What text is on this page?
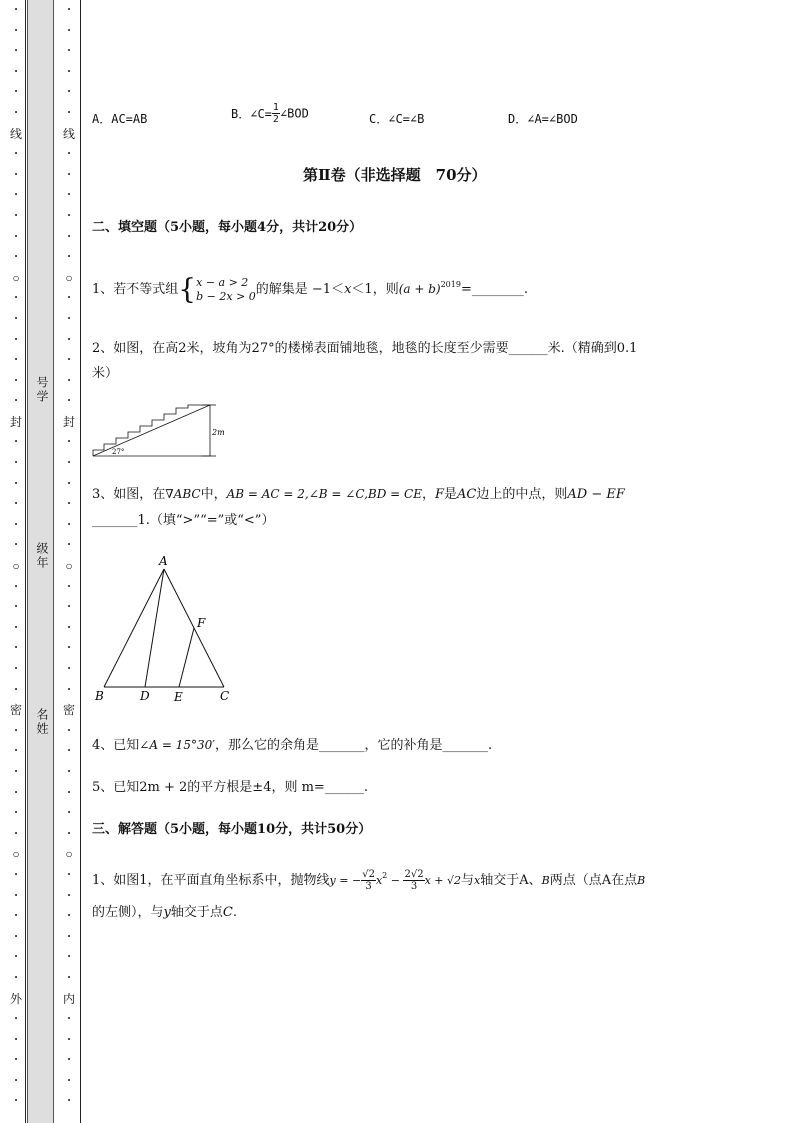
•
•
•
•
•
•
线
•
•
•
•
•
•
○
•
•
•
•
•
•
封
•
•
•
•
•
•
○
•
•
•
•
•
•
密
•
•
•
•
•
•
○
•
•
•
•
•
•
外
•
•
•
•
•
•
•
•
•
•
•
线
•
•
•
•
•
•
○
•
•
•
•
•
•
封
•
•
•
•
•
•
○
•
•
•
•
•
•
密
•
•
•
•
•
•
○
•
•
•
•
•
•
内
•
•
•
•
•
号学
级年
名姓
A．AC=AB	B．∠C= $\frac{1}{2}$ ∠BOD	C．∠C=∠B	D．∠A=∠BOD
第Ⅱ卷（非选择题　70分）
二、填空题（5小题，每小题4分，共计20分）
1、若不等式组{ x − a > 2
b − 2x > 0 的解集是 −1＜x＜1，则$(a + b)^{2019}=\_\_\_\_\_\_\_\_$.
2、如图，在高2米，坡角为27°的楼梯表面铺地毯，地毯的长度至少需要______米.（精确到0.1
米）
2m
27°
3、如图，在∇ABC中，AB = AC = 2,∠B = ∠C,BD = CE，F是AC边上的中点，则AD − EF
_______1.（填“>”“=”或“<”）
A
B	C
D E
F
4、已知∠A = 15°30′，那么它的余角是_______，它的补角是_______.
5、已知2m + 2的平方根是±4，则 m=______.
三、解答题（5小题，每小题10分，共计50分）
1、如图1，在平面直角坐标系中，抛物线y = − $\frac{√2}{3} x^2 - \frac{2√2}{3}$ x + √2与x轴交于A、B两点（点A在点B
的左侧），与y轴交于点C.
